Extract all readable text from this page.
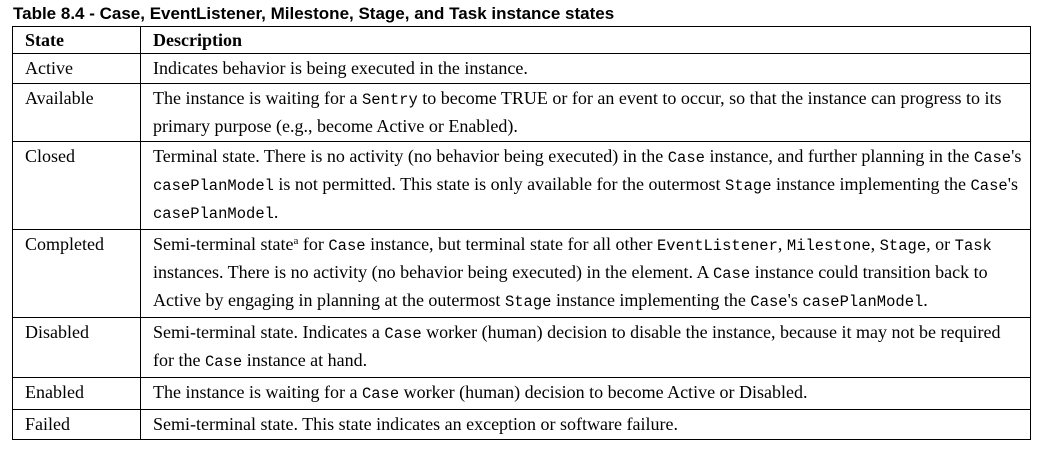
Table 8.4 - Case, EventListener, Milestone, Stage, and Task instance states
State	Description
Active	Indicates behavior is being executed in the instance.
Available	The instance is waiting for a Sentry to become TRUE or for an event to occur, so that the instance can progress to its primary purpose (e.g., become Active or Enabled).
Closed	Terminal state. There is no activity (no behavior being executed) in the Case instance, and further planning in the Case's casePlanModel is not permitted. This state is only available for the outermost Stage instance implementing the Case's casePlanModel.
Completed	Semi-terminal state$^a$ for Case instance, but terminal state for all other EventListener, Milestone, Stage, or Task instances. There is no activity (no behavior being executed) in the element. A Case instance could transition back to Active by engaging in planning at the outermost Stage instance implementing the Case's casePlanModel.
Disabled	Semi-terminal state. Indicates a Case worker (human) decision to disable the instance, because it may not be required for the Case instance at hand.
Enabled	The instance is waiting for a Case worker (human) decision to become Active or Disabled.
Failed	Semi-terminal state. This state indicates an exception or software failure.
